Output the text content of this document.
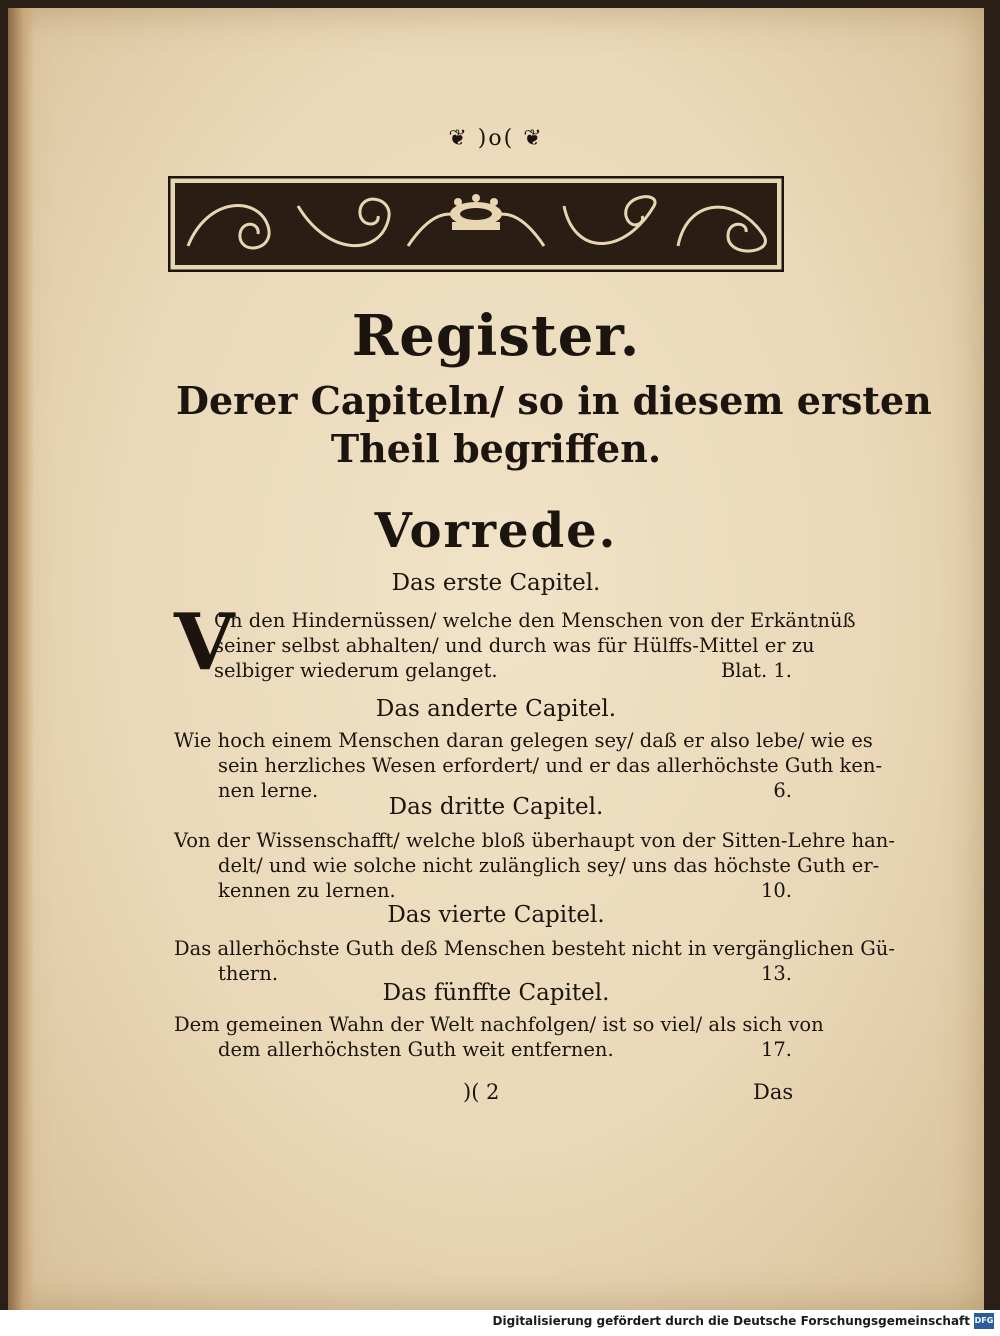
❦ )o( ❦
Register.
Derer Capiteln/ so in diesem ersten
Theil begriffen.
Vorrede.
Das erste Capitel.
V
On den Hindernüssen/ welche den Menschen von der Erkäntnüß
seiner selbst abhalten/ und durch was für Hülffs-Mittel er zu
selbiger wiederum gelanget.	Blat. 1.
Das anderte Capitel.
Wie hoch einem Menschen daran gelegen sey/ daß er also lebe/ wie es
sein herzliches Wesen erfordert/ und er das allerhöchste Guth ken-
nen lerne.	6.
Das dritte Capitel.
Von der Wissenschafft/ welche bloß überhaupt von der Sitten-Lehre han-
delt/ und wie solche nicht zulänglich sey/ uns das höchste Guth er-
kennen zu lernen.	10.
Das vierte Capitel.
Das allerhöchste Guth deß Menschen besteht nicht in vergänglichen Gü-
thern.	13.
Das fünffte Capitel.
Dem gemeinen Wahn der Welt nachfolgen/ ist so viel/ als sich von
dem allerhöchsten Guth weit entfernen.	17.
)( 2	Das
Digitalisierung gefördert durch die Deutsche Forschungsgemeinschaft DFG
